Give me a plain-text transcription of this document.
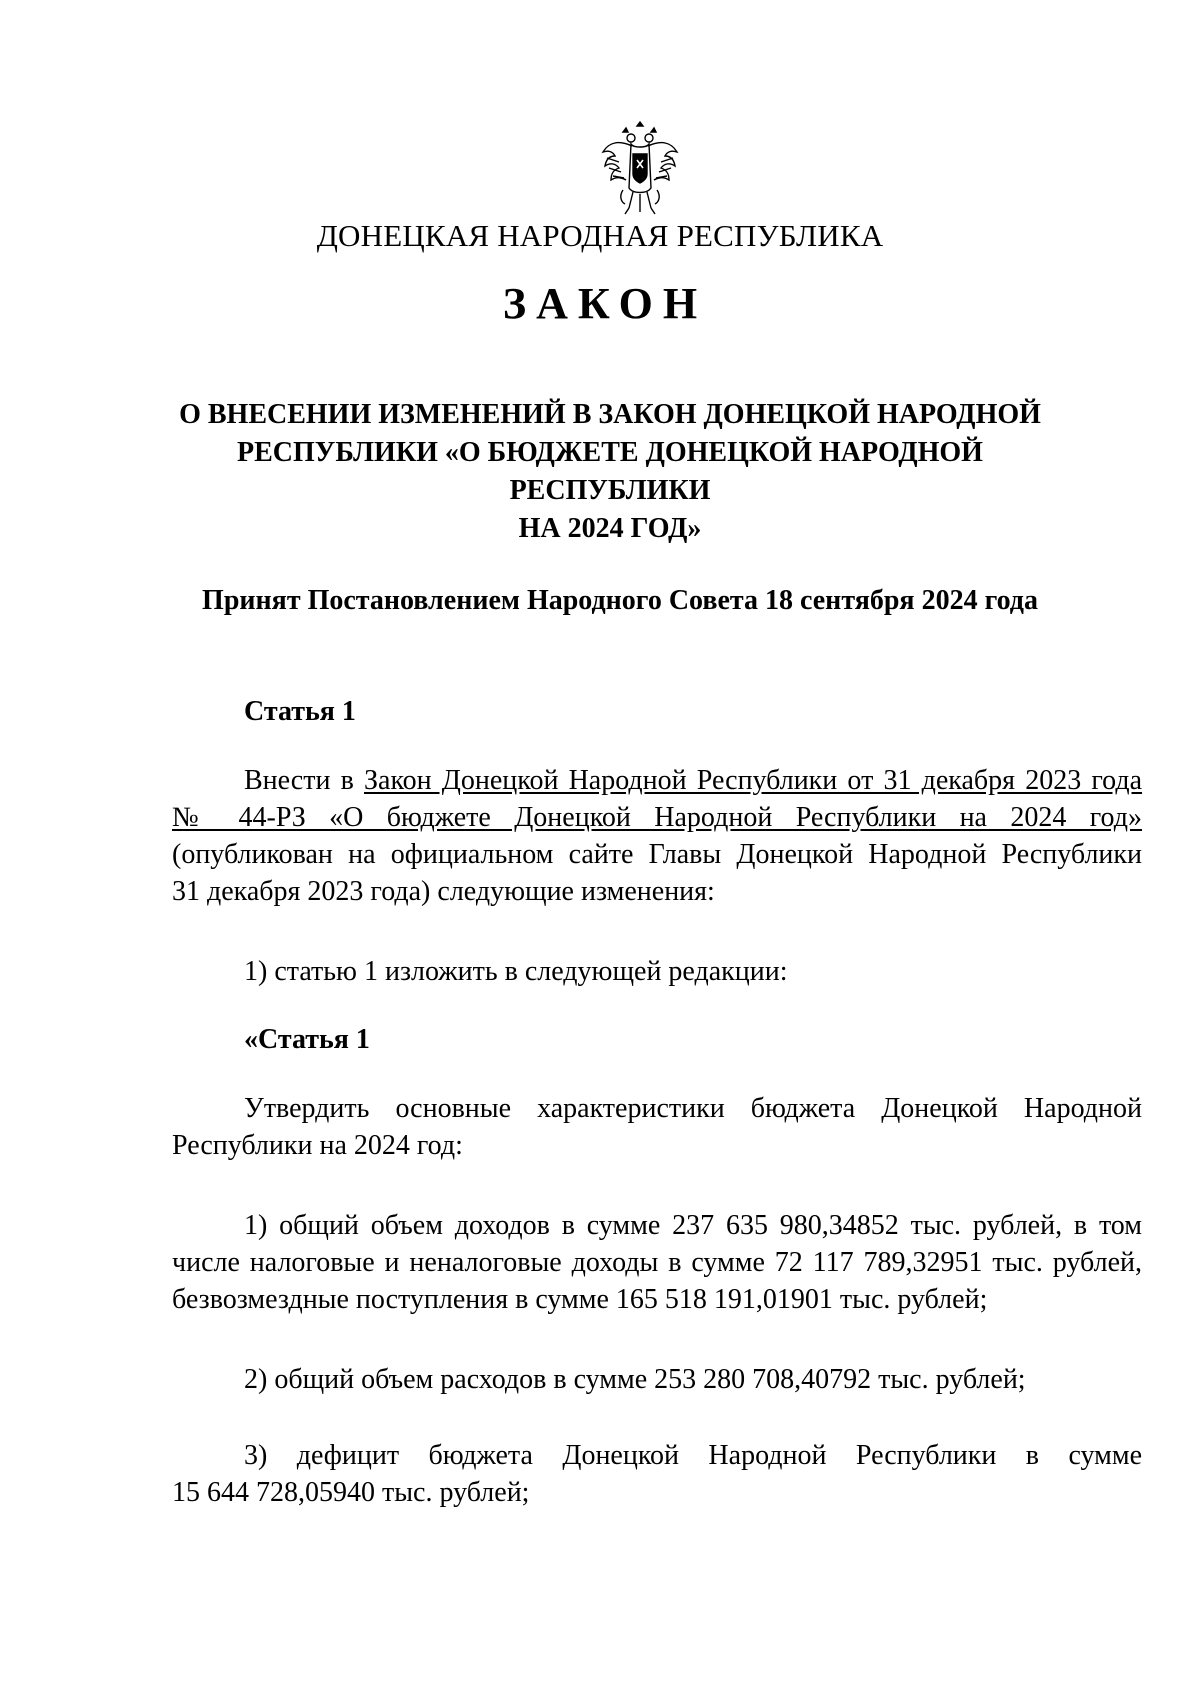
ДОНЕЦКАЯ НАРОДНАЯ РЕСПУБЛИКА
ЗАКОН
О ВНЕСЕНИИ ИЗМЕНЕНИЙ В ЗАКОН ДОНЕЦКОЙ НАРОДНОЙ
РЕСПУБЛИКИ «О БЮДЖЕТЕ ДОНЕЦКОЙ НАРОДНОЙ РЕСПУБЛИКИ
НА 2024 ГОД»
Принят Постановлением Народного Совета 18 сентября 2024 года
Статья 1
Внести в Закон Донецкой Народной Республики от 31 декабря 2023 года
№ 44-РЗ «О бюджете Донецкой Народной Республики на 2024 год»
(опубликован на официальном сайте Главы Донецкой Народной Республики
31 декабря 2023 года) следующие изменения:
1) статью 1 изложить в следующей редакции:
«Статья 1
Утвердить основные характеристики бюджета Донецкой Народной
Республики на 2024 год:
1) общий объем доходов в сумме 237 635 980,34852 тыс. рублей, в том
числе налоговые и неналоговые доходы в сумме 72 117 789,32951 тыс. рублей,
безвозмездные поступления в сумме 165 518 191,01901 тыс. рублей;
2) общий объем расходов в сумме 253 280 708,40792 тыс. рублей;
3) дефицит бюджета Донецкой Народной Республики в сумме
15 644 728,05940 тыс. рублей;
